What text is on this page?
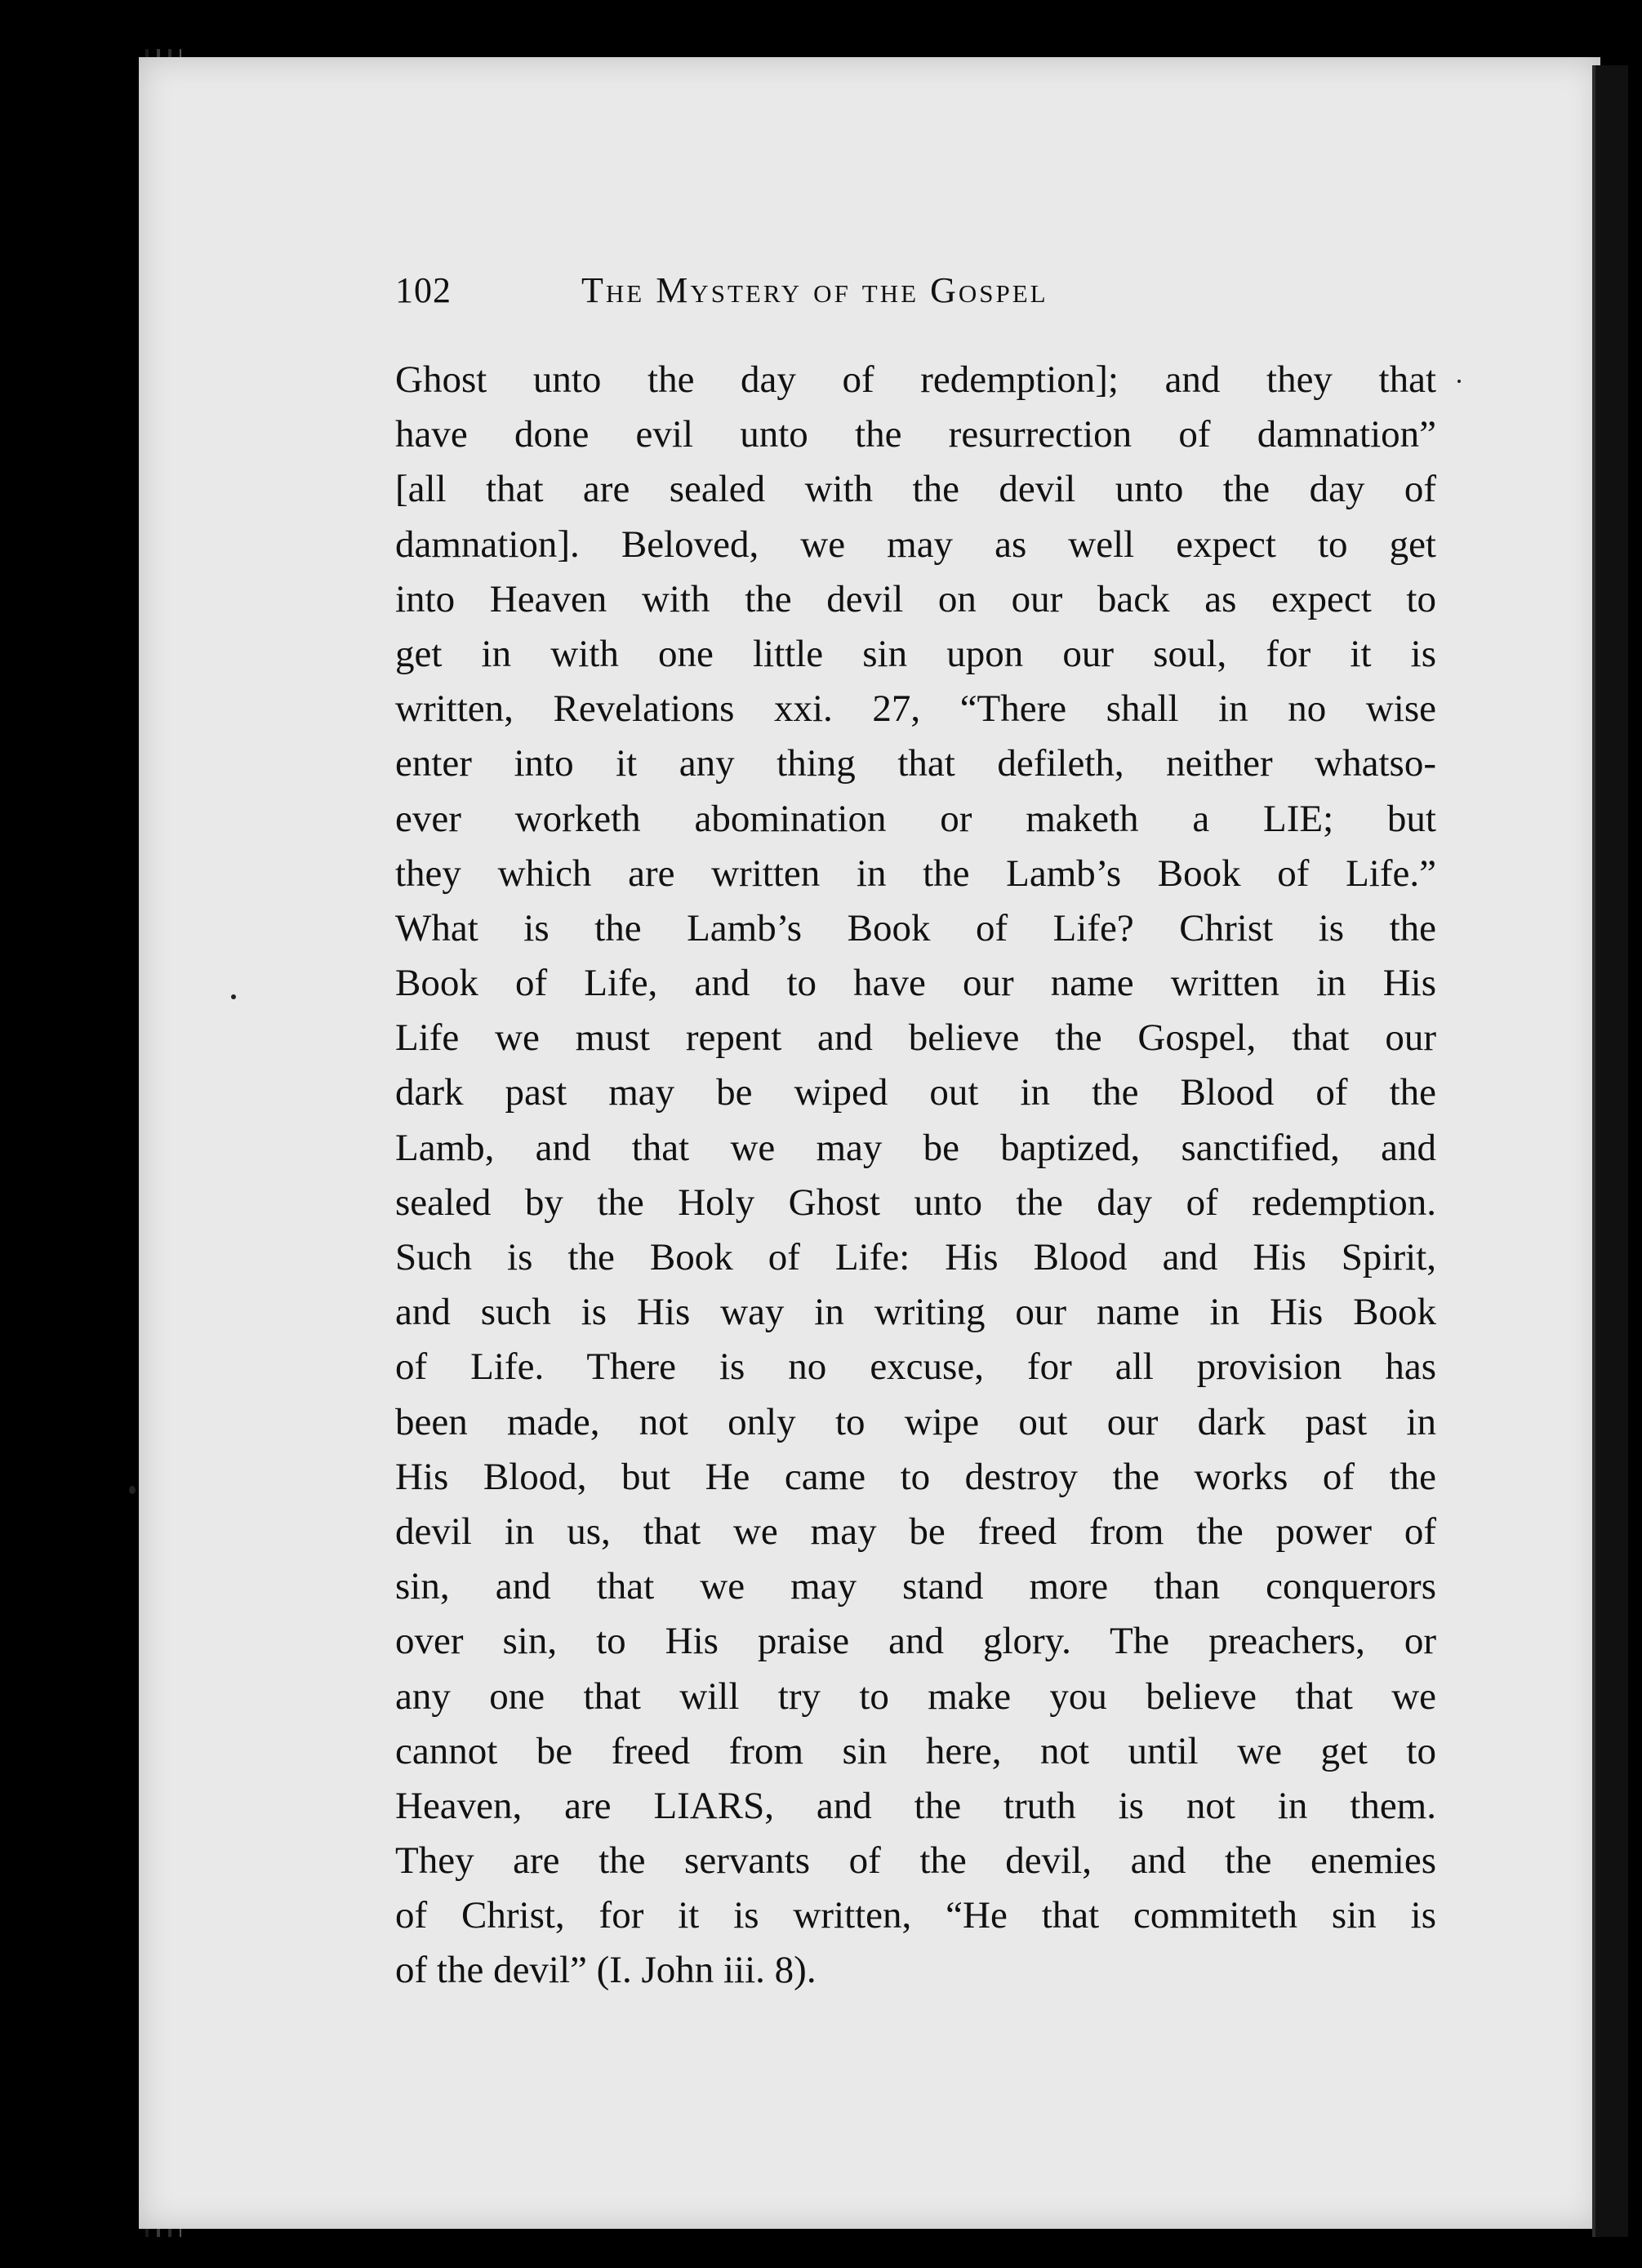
102	The Mystery of the Gospel
Ghost unto the day of redemption]; and they that
have done evil unto the resurrection of damnation”
[all that are sealed with the devil unto the day of
damnation]. Beloved, we may as well expect to get
into Heaven with the devil on our back as expect to
get in with one little sin upon our soul, for it is
written, Revelations xxi. 27, “There shall in no wise
enter into it any thing that defileth, neither whatso-
ever worketh abomination or maketh a LIE; but
they which are written in the Lamb’s Book of Life.”
What is the Lamb’s Book of Life? Christ is the
Book of Life, and to have our name written in His
Life we must repent and believe the Gospel, that our
dark past may be wiped out in the Blood of the
Lamb, and that we may be baptized, sanctified, and
sealed by the Holy Ghost unto the day of redemption.
Such is the Book of Life: His Blood and His Spirit,
and such is His way in writing our name in His Book
of Life. There is no excuse, for all provision has
been made, not only to wipe out our dark past in
His Blood, but He came to destroy the works of the
devil in us, that we may be freed from the power of
sin, and that we may stand more than conquerors
over sin, to His praise and glory. The preachers, or
any one that will try to make you believe that we
cannot be freed from sin here, not until we get to
Heaven, are LIARS, and the truth is not in them.
They are the servants of the devil, and the enemies
of Christ, for it is written, “He that commiteth sin is
of the devil” (I. John iii. 8).
